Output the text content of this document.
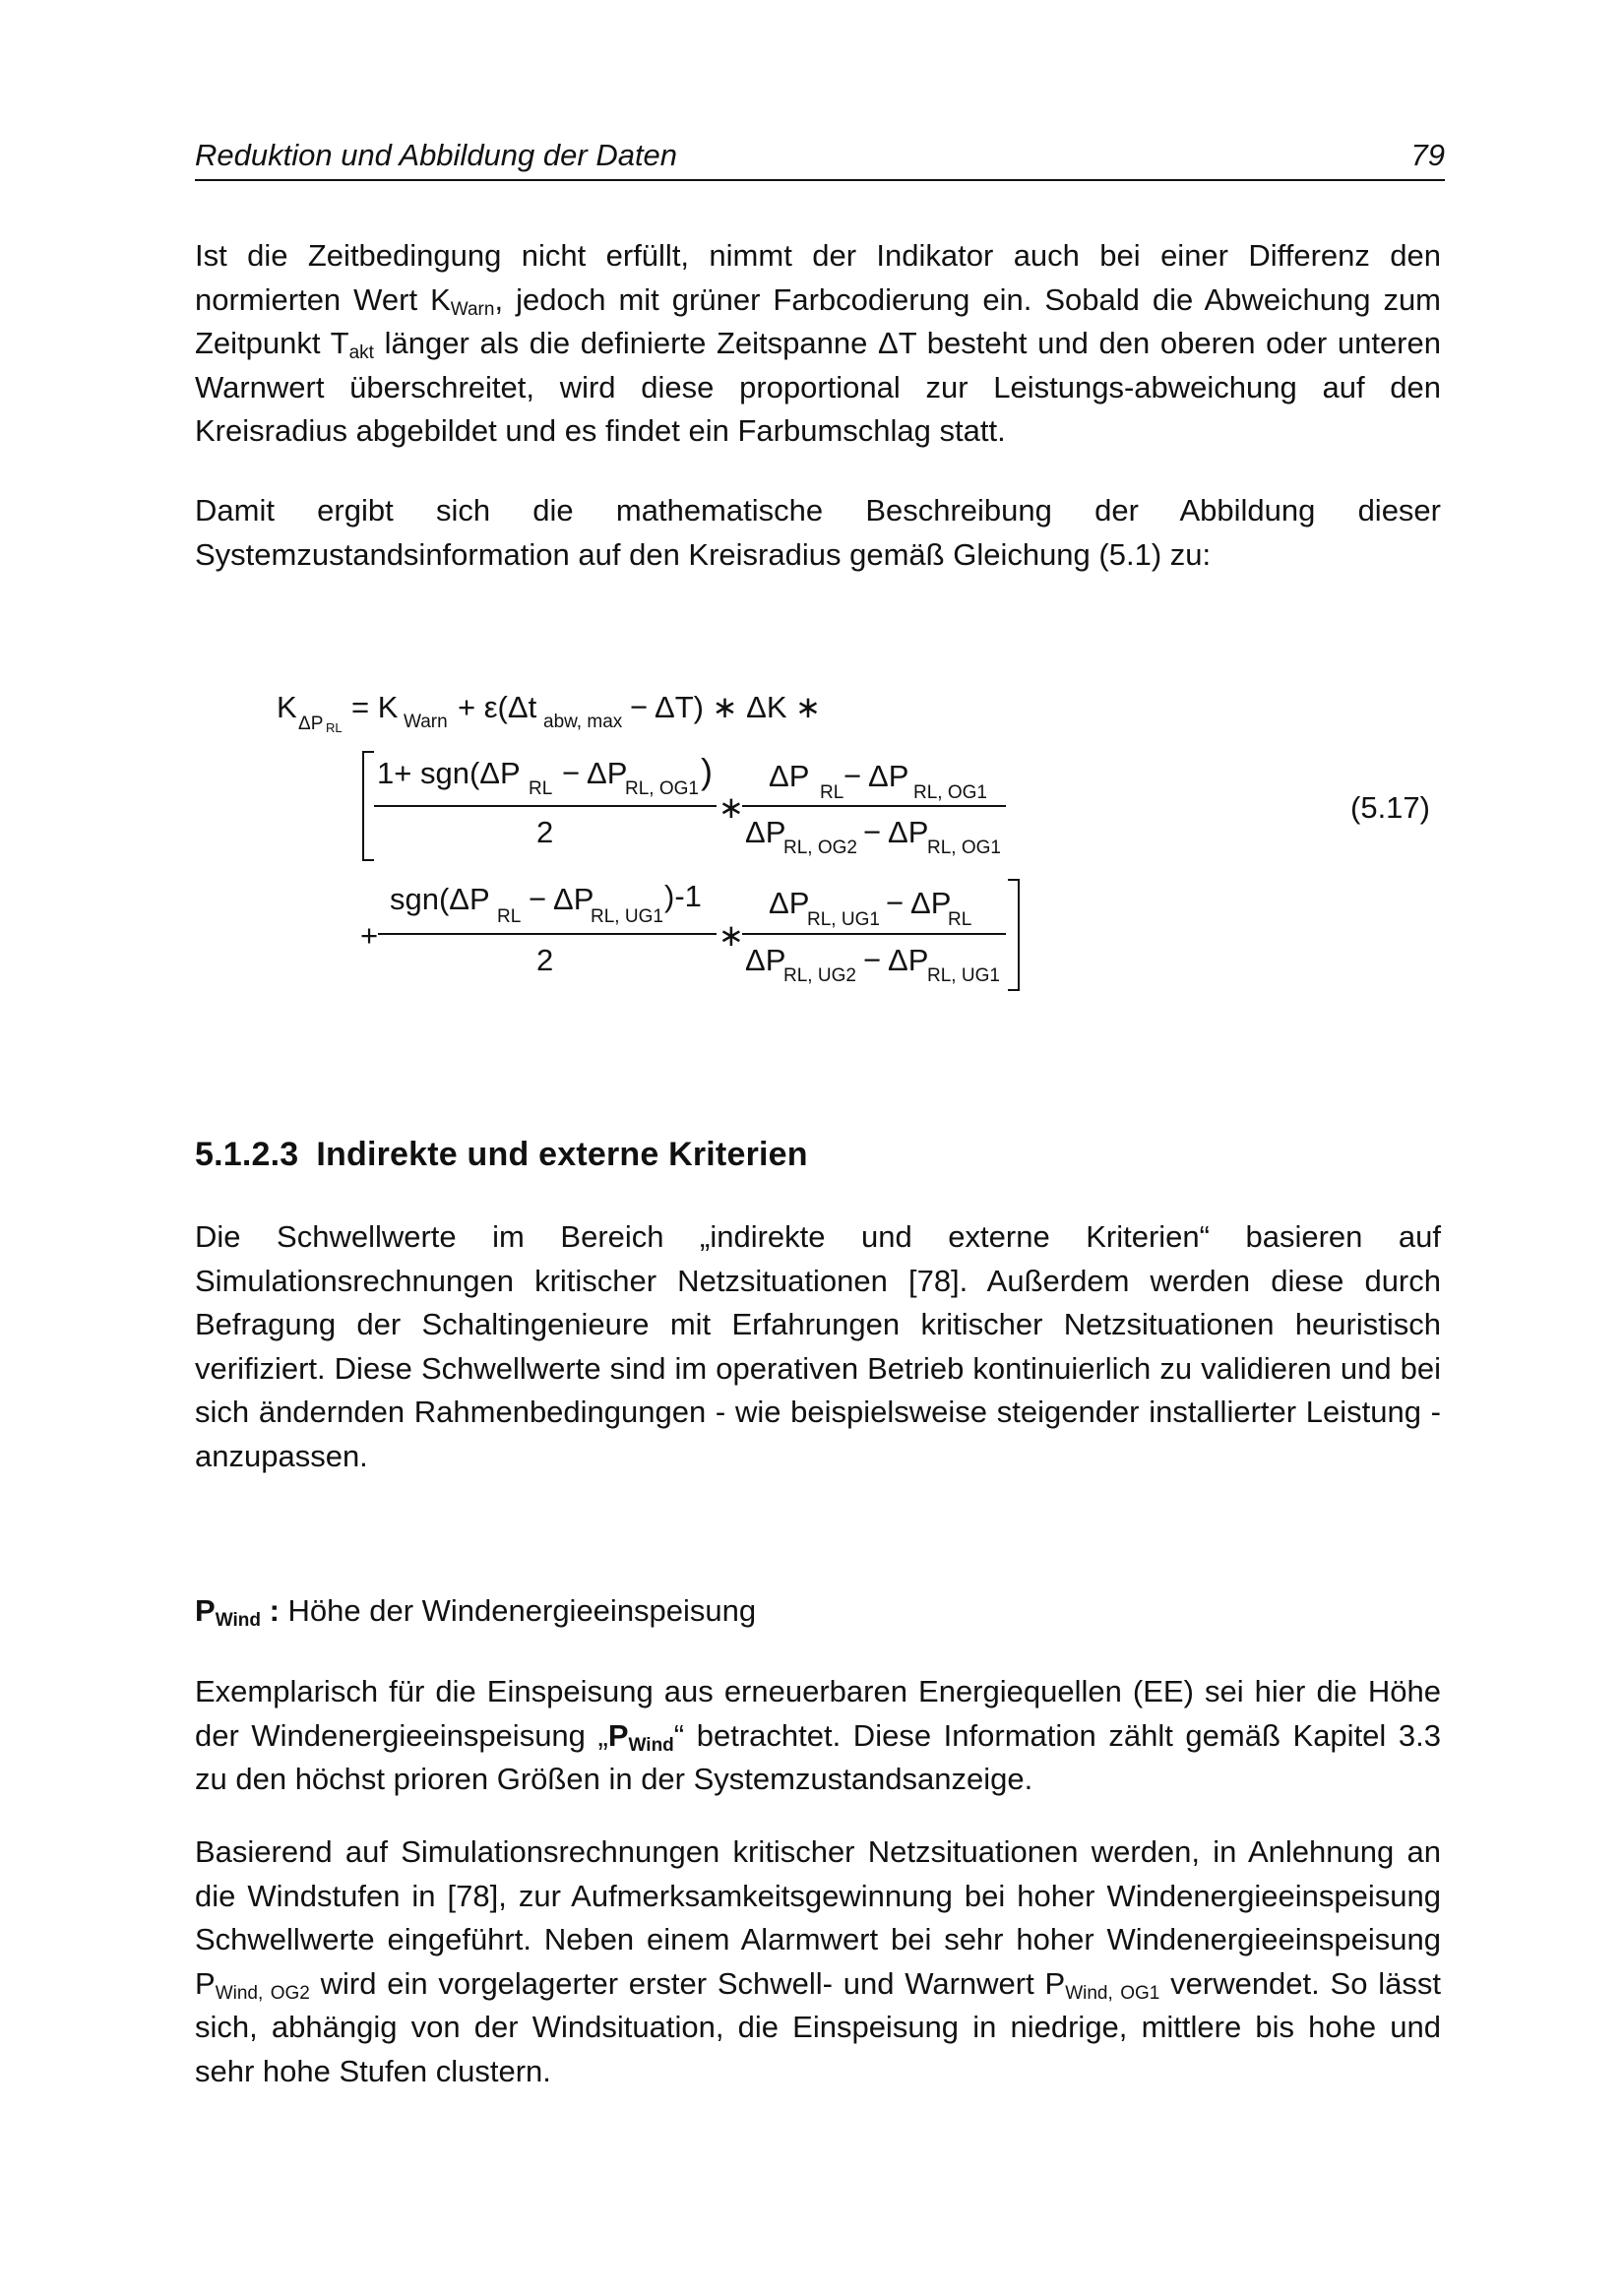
Reduktion und Abbildung der Daten	79

Ist die Zeitbedingung nicht erfüllt, nimmt der Indikator auch bei einer Differenz den normierten Wert $K_{Warn}$, jedoch mit grüner Farbcodierung ein. Sobald die Abweichung zum Zeitpunkt $T_{akt}$ länger als die definierte Zeitspanne ΔT besteht und den oberen oder unteren Warnwert überschreitet, wird diese proportional zur Leistungs-abweichung auf den Kreisradius abgebildet und es findet ein Farbumschlag statt.

Damit ergibt sich die mathematische Beschreibung der Abbildung dieser Systemzustandsinformation auf den Kreisradius gemäß Gleichung (5.1) zu:

K ΔP RL
= K Warn + ε(Δt abw, max − ΔT) ∗ ΔK ∗
1+ sgn(ΔP RL − ΔP
RL, OG1 )
2
∗
ΔP RL − ΔP RL, OG1
ΔP
RL, OG2 − ΔP
RL, OG1
+
sgn(ΔP
RL
− ΔP
RL, UG1
)-1
2
∗
ΔP
RL, UG1 − ΔP
RL
ΔP
RL, UG2 − ΔP
RL, UG1
(5.17)
5.1.2.3 Indirekte und externe Kriterien

Die Schwellwerte im Bereich „indirekte und externe Kriterien“ basieren auf Simulationsrechnungen kritischer Netzsituationen [78]. Außerdem werden diese durch Befragung der Schaltingenieure mit Erfahrungen kritischer Netzsituationen heuristisch verifiziert. Diese Schwellwerte sind im operativen Betrieb kontinuierlich zu validieren und bei sich ändernden Rahmenbedingungen - wie beispielsweise steigender installierter Leistung - anzupassen.

$P_{Wind}$ : Höhe der Windenergieeinspeisung

Exemplarisch für die Einspeisung aus erneuerbaren Energiequellen (EE) sei hier die Höhe der Windenergieeinspeisung $„P_{Wind}“$ betrachtet. Diese Information zählt gemäß Kapitel 3.3 zu den höchst prioren Größen in der Systemzustandsanzeige.

Basierend auf Simulationsrechnungen kritischer Netzsituationen werden, in Anlehnung an die Windstufen in [78], zur Aufmerksamkeitsgewinnung bei hoher Windenergieeinspeisung Schwellwerte eingeführt. Neben einem Alarmwert bei sehr hoher Windenergieeinspeisung $P_{Wind, OG2}$ wird ein vorgelagerter erster Schwell- und Warnwert $P_{Wind, OG1}$ verwendet. So lässt sich, abhängig von der Windsituation, die Einspeisung in niedrige, mittlere bis hohe und sehr hohe Stufen clustern.
